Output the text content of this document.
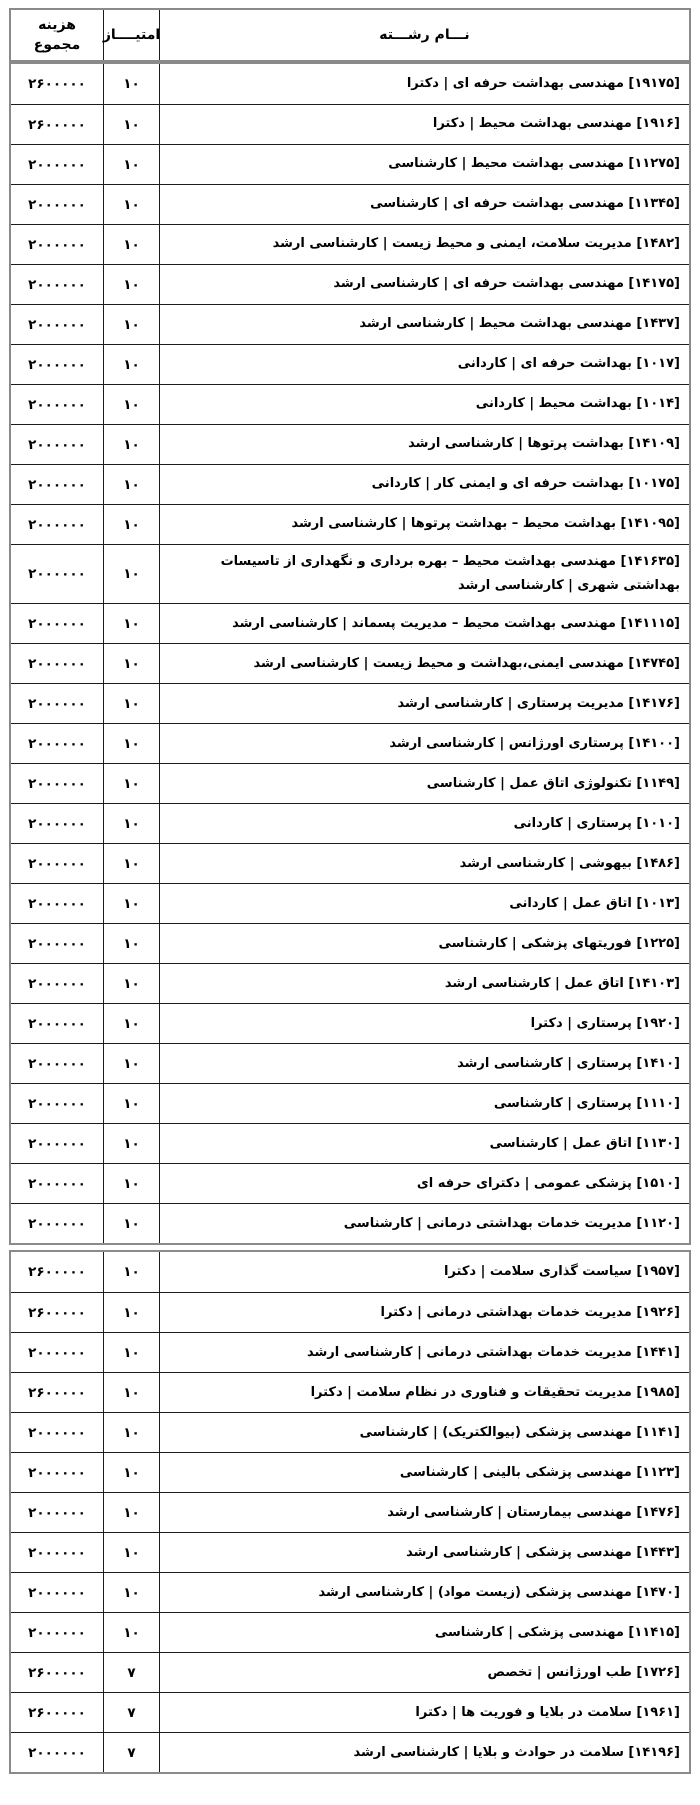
نـــام رشـــته
امتیــــاز
هزینه
مجموع
[۱۹۱۷۵] مهندسی بهداشت حرفه ای | دکترا
۱۰
۲۶۰۰۰۰۰
[۱۹۱۶] مهندسی بهداشت محیط | دکترا
۱۰
۲۶۰۰۰۰۰
[۱۱۲۷۵] مهندسی بهداشت محیط | کارشناسی
۱۰
۲۰۰۰۰۰۰
[۱۱۳۴۵] مهندسی بهداشت حرفه ای | کارشناسی
۱۰
۲۰۰۰۰۰۰
[۱۴۸۲] مدیریت سلامت، ایمنی و محیط زیست | کارشناسی ارشد
۱۰
۲۰۰۰۰۰۰
[۱۴۱۷۵] مهندسی بهداشت حرفه ای | کارشناسی ارشد
۱۰
۲۰۰۰۰۰۰
[۱۴۳۷] مهندسی بهداشت محیط | کارشناسی ارشد
۱۰
۲۰۰۰۰۰۰
[۱۰۱۷] بهداشت حرفه ای | کاردانی
۱۰
۲۰۰۰۰۰۰
[۱۰۱۴] بهداشت محیط | کاردانی
۱۰
۲۰۰۰۰۰۰
[۱۴۱۰۹] بهداشت پرتوها | کارشناسی ارشد
۱۰
۲۰۰۰۰۰۰
[۱۰۱۷۵] بهداشت حرفه ای و ایمنی کار | کاردانی
۱۰
۲۰۰۰۰۰۰
[۱۴۱۰۹۵] بهداشت محیط – بهداشت پرتوها | کارشناسی ارشد
۱۰
۲۰۰۰۰۰۰
[۱۴۱۶۳۵] مهندسی بهداشت محیط – بهره برداری و نگهداری از تاسیسات بهداشتی شهری | کارشناسی ارشد
۱۰
۲۰۰۰۰۰۰
[۱۴۱۱۱۵] مهندسی بهداشت محیط – مدیریت پسماند | کارشناسی ارشد
۱۰
۲۰۰۰۰۰۰
[۱۴۷۴۵] مهندسی ایمنی،بهداشت و محیط زیست | کارشناسی ارشد
۱۰
۲۰۰۰۰۰۰
[۱۴۱۷۶] مدیریت پرستاری | کارشناسی ارشد
۱۰
۲۰۰۰۰۰۰
[۱۴۱۰۰] پرستاری اورژانس | کارشناسی ارشد
۱۰
۲۰۰۰۰۰۰
[۱۱۴۹] تکنولوژی اتاق عمل | کارشناسی
۱۰
۲۰۰۰۰۰۰
[۱۰۱۰] پرستاری | کاردانی
۱۰
۲۰۰۰۰۰۰
[۱۴۸۶] بیهوشی | کارشناسی ارشد
۱۰
۲۰۰۰۰۰۰
[۱۰۱۳] اتاق عمل | کاردانی
۱۰
۲۰۰۰۰۰۰
[۱۲۲۵] فوریتهای پزشکی | کارشناسی
۱۰
۲۰۰۰۰۰۰
[۱۴۱۰۳] اتاق عمل | کارشناسی ارشد
۱۰
۲۰۰۰۰۰۰
[۱۹۲۰] پرستاری | دکترا
۱۰
۲۰۰۰۰۰۰
[۱۴۱۰] پرستاری | کارشناسی ارشد
۱۰
۲۰۰۰۰۰۰
[۱۱۱۰] پرستاری | کارشناسی
۱۰
۲۰۰۰۰۰۰
[۱۱۳۰] اتاق عمل | کارشناسی
۱۰
۲۰۰۰۰۰۰
[۱۵۱۰] پزشکی عمومی | دکترای حرفه ای
۱۰
۲۰۰۰۰۰۰
[۱۱۲۰] مدیریت خدمات بهداشتی درمانی | کارشناسی
۱۰
۲۰۰۰۰۰۰
[۱۹۵۷] سیاست گذاری سلامت | دکترا
۱۰
۲۶۰۰۰۰۰
[۱۹۲۶] مدیریت خدمات بهداشتی درمانی | دکترا
۱۰
۲۶۰۰۰۰۰
[۱۴۴۱] مدیریت خدمات بهداشتی درمانی | کارشناسی ارشد
۱۰
۲۰۰۰۰۰۰
[۱۹۸۵] مدیریت تحقیقات و فناوری در نظام سلامت | دکترا
۱۰
۲۶۰۰۰۰۰
[۱۱۴۱] مهندسی پزشکی (بیوالکتریک) | کارشناسی
۱۰
۲۰۰۰۰۰۰
[۱۱۲۳] مهندسی پزشکی بالینی | کارشناسی
۱۰
۲۰۰۰۰۰۰
[۱۴۷۶] مهندسی بیمارستان | کارشناسی ارشد
۱۰
۲۰۰۰۰۰۰
[۱۴۴۳] مهندسی پزشکی | کارشناسی ارشد
۱۰
۲۰۰۰۰۰۰
[۱۴۷۰] مهندسی پزشکی (زیست مواد) | کارشناسی ارشد
۱۰
۲۰۰۰۰۰۰
[۱۱۴۱۵] مهندسی پزشکی | کارشناسی
۱۰
۲۰۰۰۰۰۰
[۱۷۲۶] طب اورژانس | تخصص
۷
۲۶۰۰۰۰۰
[۱۹۶۱] سلامت در بلایا و فوریت ها | دکترا
۷
۲۶۰۰۰۰۰
[۱۴۱۹۶] سلامت در حوادث و بلایا | کارشناسی ارشد
۷
۲۰۰۰۰۰۰
